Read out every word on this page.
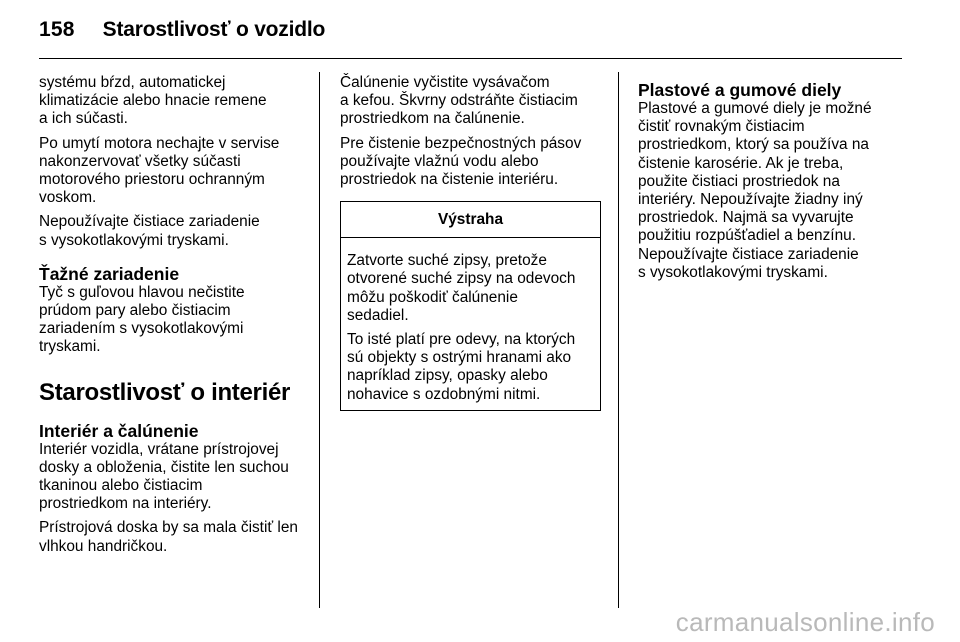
158 Starostlivosť o vozidlo

systému bŕzd, automatickej
klimatizácie alebo hnacie remene
a ich súčasti.

Po umytí motora nechajte v servise
nakonzervovať všetky súčasti
motorového priestoru ochranným
voskom.

Nepoužívajte čistiace zariadenie
s vysokotlakovými tryskami.

Ťažné zariadenie

Tyč s guľovou hlavou nečistite
prúdom pary alebo čistiacim
zariadením s vysokotlakovými
tryskami.

Starostlivosť o interiér
Interiér a čalúnenie

Interiér vozidla, vrátane prístrojovej
dosky a obloženia, čistite len suchou
tkaninou alebo čistiacim
prostriedkom na interiéry.

Prístrojová doska by sa mala čistiť len
vlhkou handričkou.

Čalúnenie vyčistite vysávačom
a kefou. Škvrny odstráňte čistiacim
prostriedkom na čalúnenie.

Pre čistenie bezpečnostných pásov
používajte vlažnú vodu alebo
prostriedok na čistenie interiéru.

Výstraha

Zatvorte suché zipsy, pretože
otvorené suché zipsy na odevoch
môžu poškodiť čalúnenie
sedadiel.

To isté platí pre odevy, na ktorých
sú objekty s ostrými hranami ako
napríklad zipsy, opasky alebo
nohavice s ozdobnými nitmi.

Plastové a gumové diely

Plastové a gumové diely je možné
čistiť rovnakým čistiacim
prostriedkom, ktorý sa používa na
čistenie karosérie. Ak je treba,
použite čistiaci prostriedok na
interiéry. Nepoužívajte žiadny iný
prostriedok. Najmä sa vyvarujte
použitiu rozpúšťadiel a benzínu.
Nepoužívajte čistiace zariadenie
s vysokotlakovými tryskami.

carmanualsonline.info
